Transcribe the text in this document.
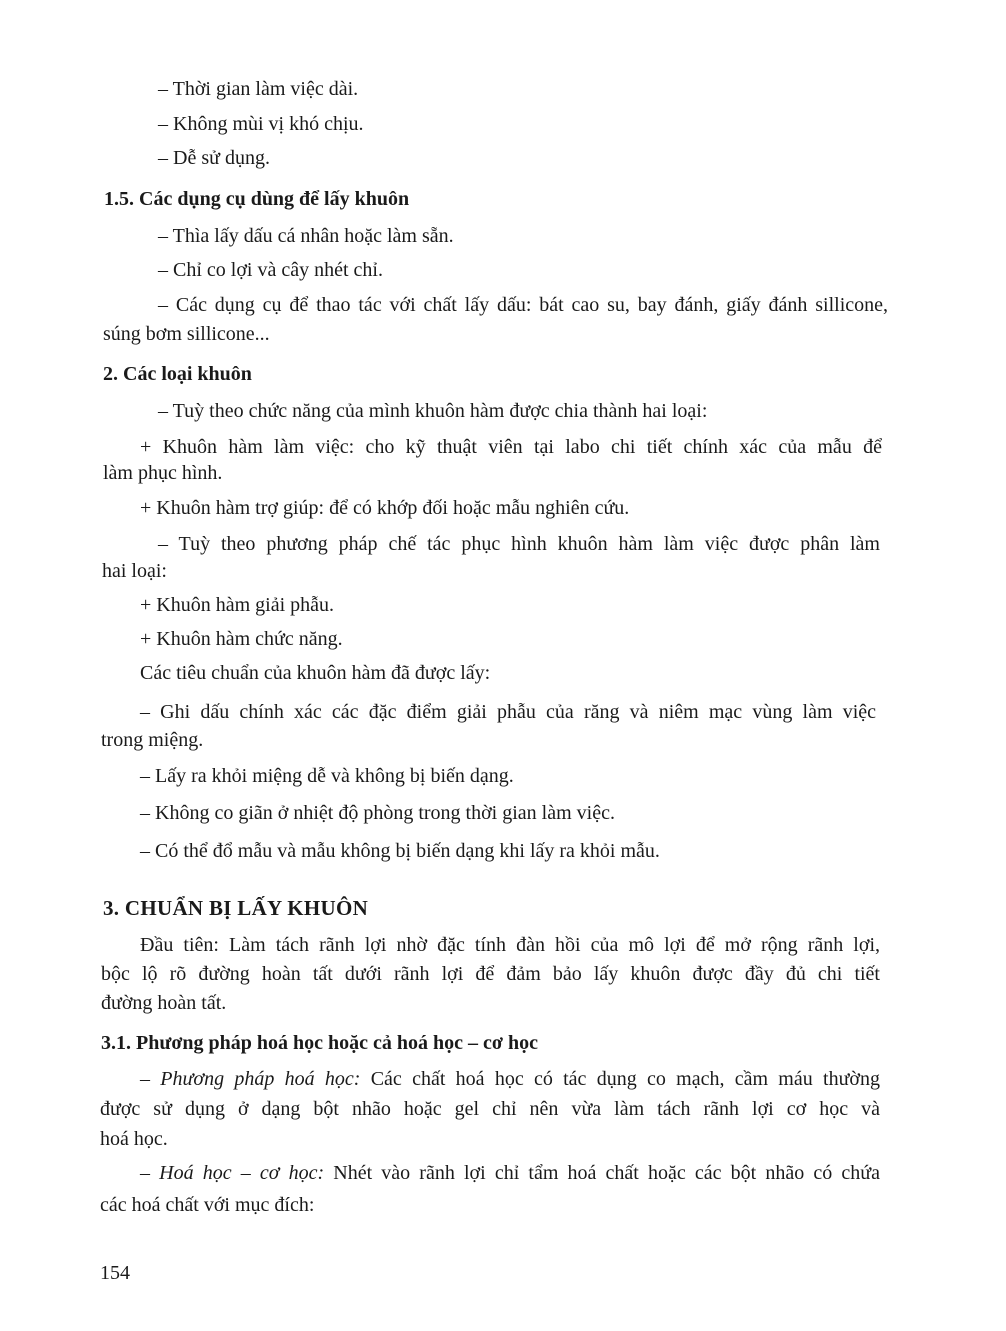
– Thời gian làm việc dài.

– Không mùi vị khó chịu.

– Dễ sử dụng.

1.5. Các dụng cụ dùng để lấy khuôn

– Thìa lấy dấu cá nhân hoặc làm sẵn.

– Chỉ co lợi và cây nhét chỉ.

– Các dụng cụ để thao tác với chất lấy dấu: bát cao su, bay đánh, giấy đánh sillicone,

súng bơm sillicone...

2. Các loại khuôn

– Tuỳ theo chức năng của mình khuôn hàm được chia thành hai loại:

+ Khuôn hàm làm việc: cho kỹ thuật viên tại labo chi tiết chính xác của mẫu để

làm phục hình.

+ Khuôn hàm trợ giúp: để có khớp đối hoặc mẫu nghiên cứu.

– Tuỳ theo phương pháp chế tác phục hình khuôn hàm làm việc được phân làm

hai loại:

+ Khuôn hàm giải phẫu.

+ Khuôn hàm chức năng.

Các tiêu chuẩn của khuôn hàm đã được lấy:

– Ghi dấu chính xác các đặc điểm giải phẫu của răng và niêm mạc vùng làm việc

trong miệng.

– Lấy ra khỏi miệng dễ và không bị biến dạng.

– Không co giãn ở nhiệt độ phòng trong thời gian làm việc.

– Có thể đổ mẫu và mẫu không bị biến dạng khi lấy ra khỏi mẫu.

3. CHUẨN BỊ LẤY KHUÔN

Đầu tiên: Làm tách rãnh lợi nhờ đặc tính đàn hồi của mô lợi để mở rộng rãnh lợi,

bộc lộ rõ đường hoàn tất dưới rãnh lợi để đảm bảo lấy khuôn được đầy đủ chi tiết

đường hoàn tất.

3.1. Phương pháp hoá học hoặc cả hoá học – cơ học

– Phương pháp hoá học: Các chất hoá học có tác dụng co mạch, cầm máu thường

được sử dụng ở dạng bột nhão hoặc gel chỉ nên vừa làm tách rãnh lợi cơ học và

hoá học.

– Hoá học – cơ học: Nhét vào rãnh lợi chỉ tẩm hoá chất hoặc các bột nhão có chứa

các hoá chất với mục đích:

154
